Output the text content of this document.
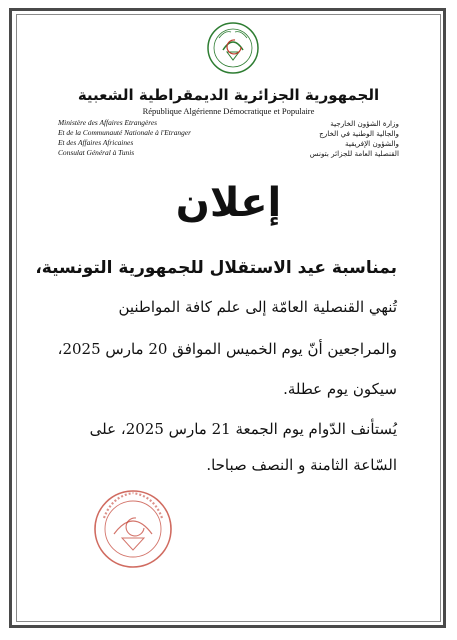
الجمهورية الجزائرية الديمقراطية الشعبية
République Algérienne Démocratique et Populaire
Ministère des Affaires Etrangères
Et de la Communauté Nationale à l'Etranger
Et des Affaires Africaines
Consulat Général à Tunis
وزارة الشؤون الخارجية
والجالية الوطنية في الخارج
والشؤون الإفريقية
القنصلية العامة للجزائر بتونس
إعلان
بمناسبة عيد الاستقلال للجمهورية التونسية،
تُنهي القنصلية العامّة إلى علم كافة المواطنين
والمراجعين أنّ يوم الخميس الموافق 20 مارس 2025،
سيكون يوم عطلة.
يُستأنف الدّوام يوم الجمعة 21 مارس 2025، على
السّاعة الثامنة و النصف صباحا.
